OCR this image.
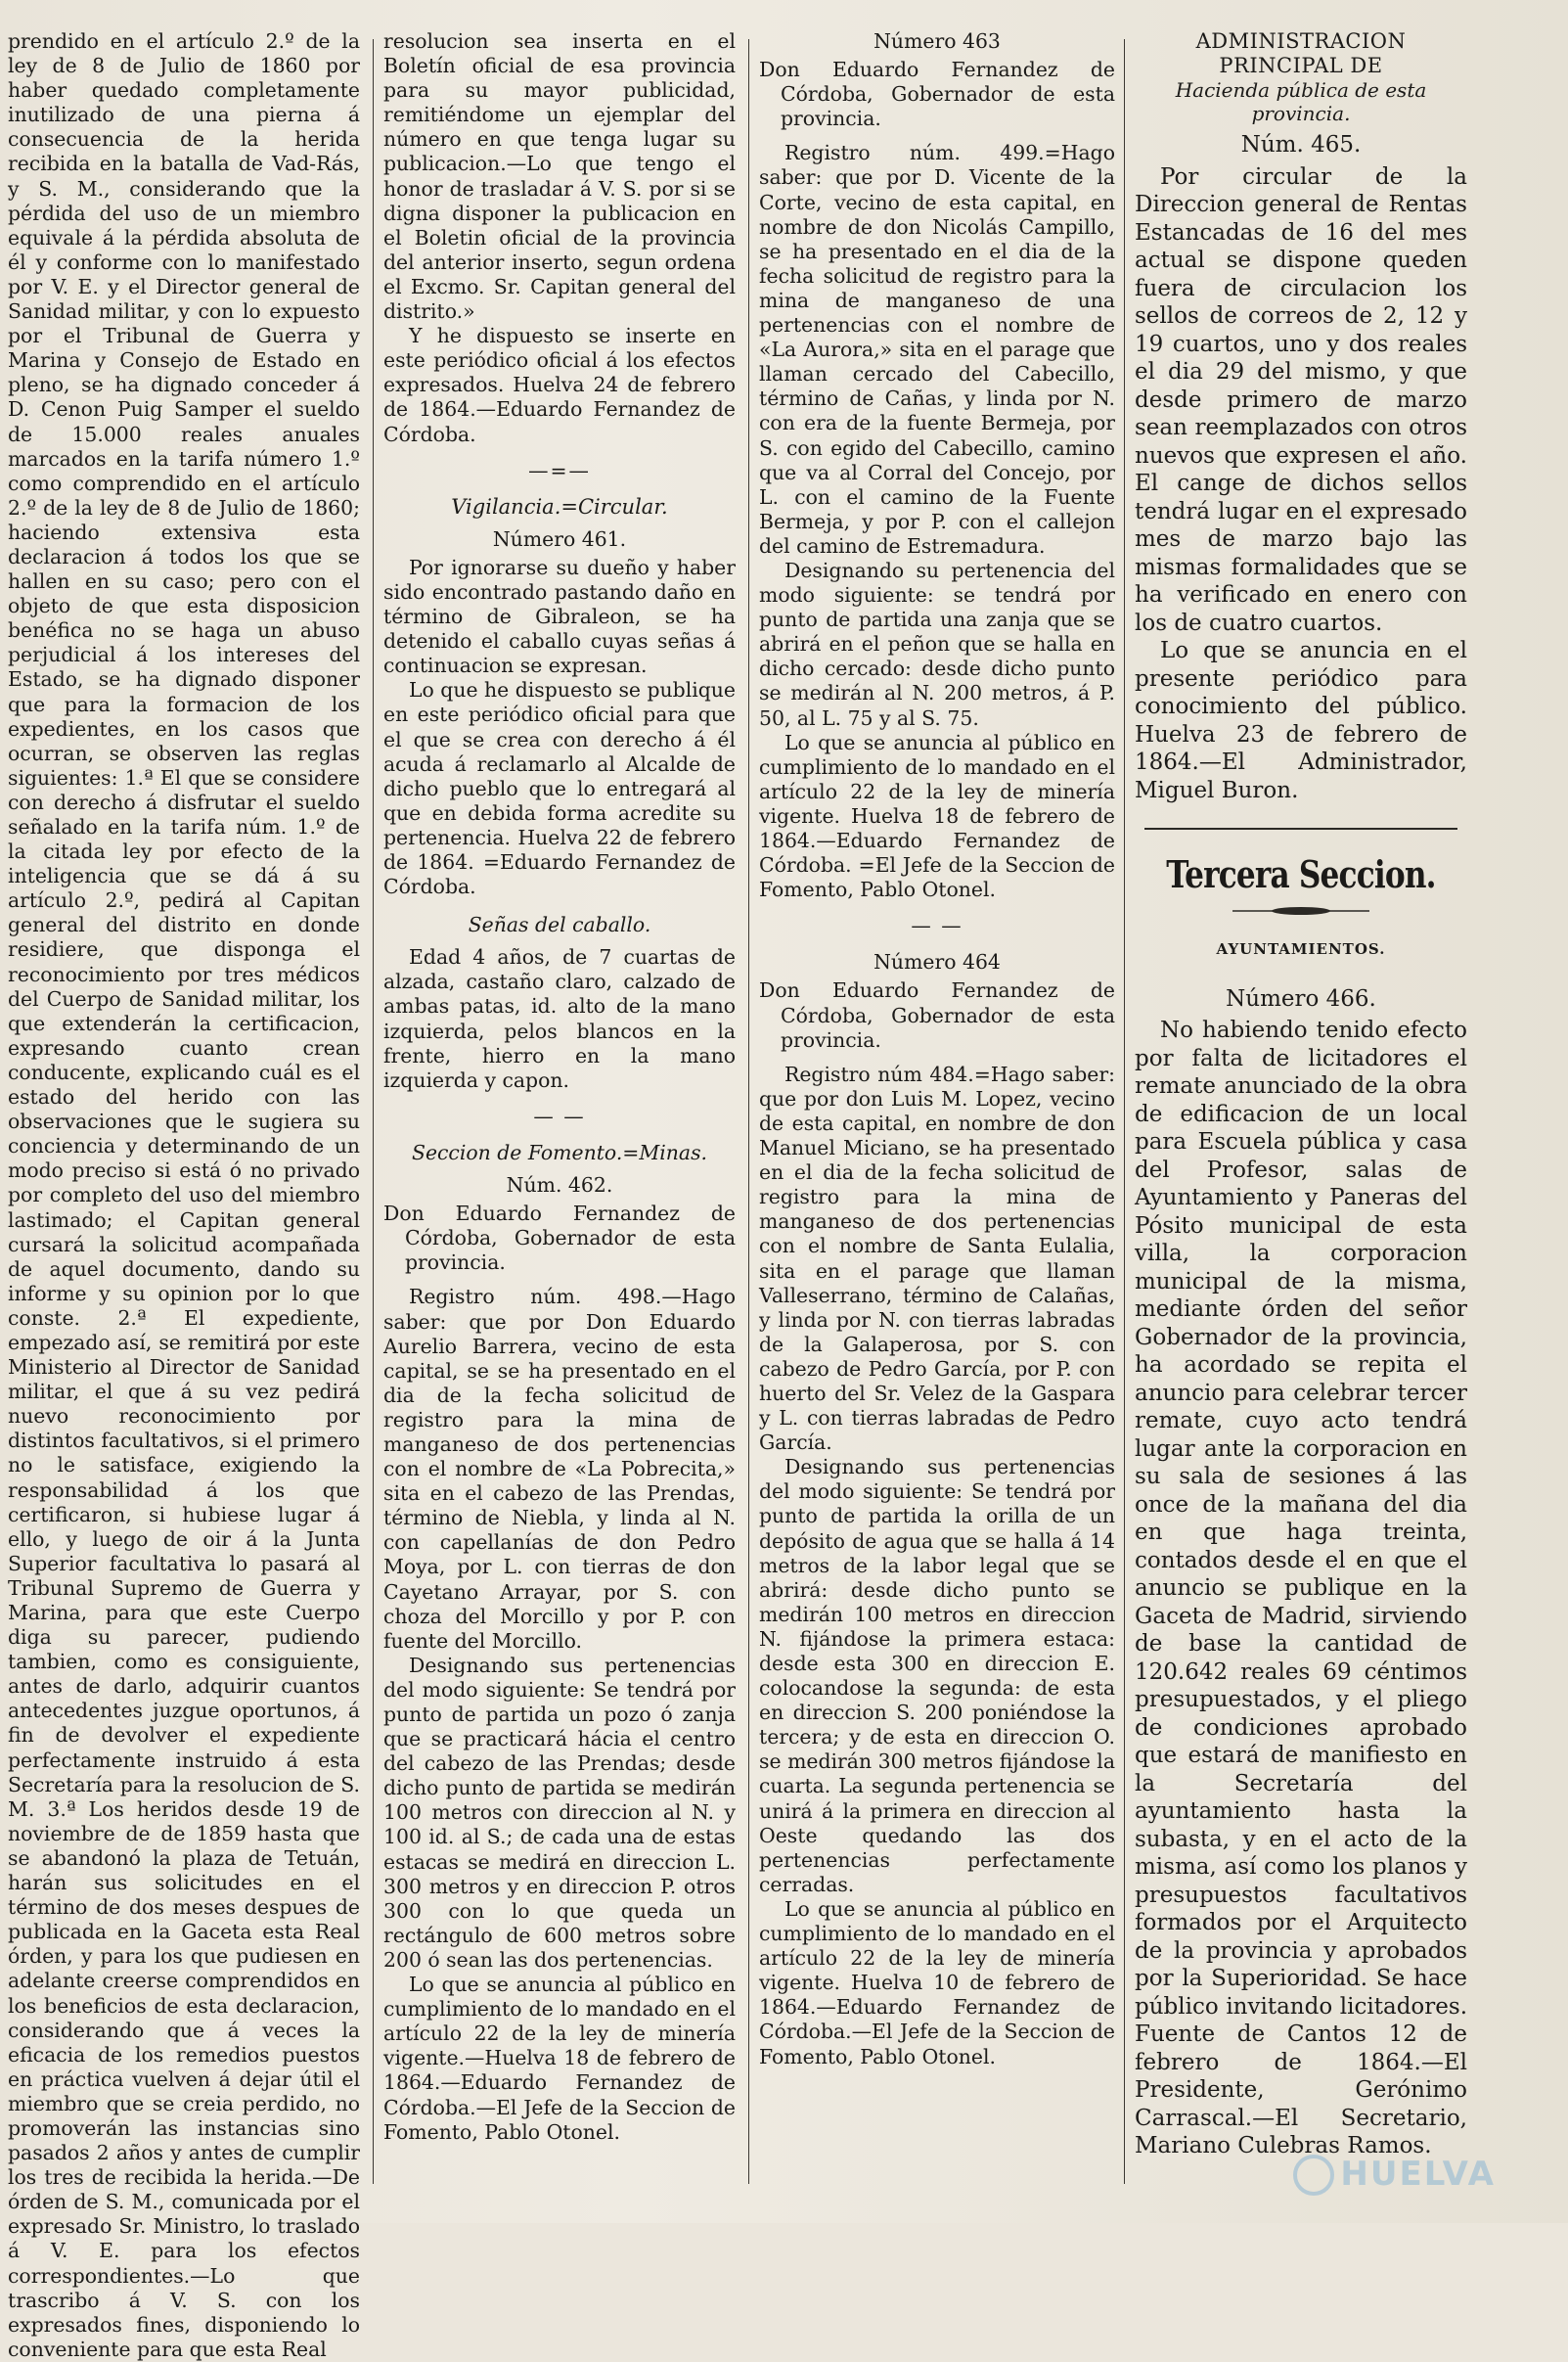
prendido en el artículo 2.º de la ley de 8 de Julio de 1860 por haber quedado completamente inutilizado de una pierna á consecuencia de la herida recibida en la batalla de Vad-Rás, y S. M., considerando que la pérdida del uso de un miembro equivale á la pérdida absoluta de él y conforme con lo manifestado por V. E. y el Director general de Sanidad militar, y con lo expuesto por el Tribunal de Guerra y Marina y Consejo de Estado en pleno, se ha dignado conceder á D. Cenon Puig Samper el sueldo de 15.000 reales anuales marcados en la tarifa número 1.º como comprendido en el artículo 2.º de la ley de 8 de Julio de 1860; haciendo extensiva esta declaracion á todos los que se hallen en su caso; pero con el objeto de que esta disposicion benéfica no se haga un abuso perjudicial á los intereses del Estado, se ha dignado disponer que para la formacion de los expedientes, en los casos que ocurran, se observen las reglas siguientes: 1.ª El que se considere con derecho á disfrutar el sueldo señalado en la tarifa núm. 1.º de la citada ley por efecto de la inteligencia que se dá á su artículo 2.º, pedirá al Capitan general del distrito en donde residiere, que disponga el reconocimiento por tres médicos del Cuerpo de Sanidad militar, los que extenderán la certificacion, expresando cuanto crean conducente, explicando cuál es el estado del herido con las observaciones que le sugiera su conciencia y determinando de un modo preciso si está ó no privado por completo del uso del miembro lastimado; el Capitan general cursará la solicitud acompañada de aquel documento, dando su informe y su opinion por lo que conste. 2.ª El expediente, empezado así, se remitirá por este Ministerio al Director de Sanidad militar, el que á su vez pedirá nuevo reconocimiento por distintos facultativos, si el primero no le satisface, exigiendo la responsabilidad á los que certificaron, si hubiese lugar á ello, y luego de oir á la Junta Superior facultativa lo pasará al Tribunal Supremo de Guerra y Marina, para que este Cuerpo diga su parecer, pudiendo tambien, como es consiguiente, antes de darlo, adquirir cuantos antecedentes juzgue oportunos, á fin de devolver el expediente perfectamente instruido á esta Secretaría para la resolucion de S. M. 3.ª Los heridos desde 19 de noviembre de de 1859 hasta que se abandonó la plaza de Tetuán, harán sus solicitudes en el término de dos meses despues de publicada en la Gaceta esta Real órden, y para los que pudiesen en adelante creerse comprendidos en los beneficios de esta declaracion, considerando que á veces la eficacia de los remedios puestos en práctica vuelven á dejar útil el miembro que se creia perdido, no promoverán las instancias sino pasados 2 años y antes de cumplir los tres de recibida la herida.—De órden de S. M., comunicada por el expresado Sr. Ministro, lo traslado á V. E. para los efectos correspondientes.—Lo que trascribo á V. S. con los expresados fines, disponiendo lo conveniente para que esta Real

resolucion sea inserta en el Boletín oficial de esa provincia para su mayor publicidad, remitiéndome un ejemplar del número en que tenga lugar su publicacion.—Lo que tengo el honor de trasladar á V. S. por si se digna disponer la publicacion en el Boletin oficial de la provincia del anterior inserto, segun ordena el Excmo. Sr. Capitan general del distrito.»

Y he dispuesto se inserte en este periódico oficial á los efectos expresados. Huelva 24 de febrero de 1864.—Eduardo Fernandez de Córdoba.

—=—

Vigilancia.=Circular.

Número 461.

Por ignorarse su dueño y haber sido encontrado pastando daño en término de Gibraleon, se ha detenido el caballo cuyas señas á continuacion se expresan.

Lo que he dispuesto se publique en este periódico oficial para que el que se crea con derecho á él acuda á reclamarlo al Alcalde de dicho pueblo que lo entregará al que en debida forma acredite su pertenencia. Huelva 22 de febrero de 1864. =Eduardo Fernandez de Córdoba.

Señas del caballo.

Edad 4 años, de 7 cuartas de alzada, castaño claro, calzado de ambas patas, id. alto de la mano izquierda, pelos blancos en la frente, hierro en la mano izquierda y capon.

— —

Seccion de Fomento.=Minas.

Núm. 462.

Don Eduardo Fernandez de Córdoba, Gobernador de esta provincia.

Registro núm. 498.—Hago saber: que por Don Eduardo Aurelio Barrera, vecino de esta capital, se se ha presentado en el dia de la fecha solicitud de registro para la mina de manganeso de dos pertenencias con el nombre de «La Pobrecita,» sita en el cabezo de las Prendas, término de Niebla, y linda al N. con capellanías de don Pedro Moya, por L. con tierras de don Cayetano Arrayar, por S. con choza del Morcillo y por P. con fuente del Morcillo.

Designando sus pertenencias del modo siguiente: Se tendrá por punto de partida un pozo ó zanja que se practicará hácia el centro del cabezo de las Prendas; desde dicho punto de partida se medirán 100 metros con direccion al N. y 100 id. al S.; de cada una de estas estacas se medirá en direccion L. 300 metros y en direccion P. otros 300 con lo que queda un rectángulo de 600 metros sobre 200 ó sean las dos pertenencias.

Lo que se anuncia al público en cumplimiento de lo mandado en el artículo 22 de la ley de minería vigente.—Huelva 18 de febrero de 1864.—Eduardo Fernandez de Córdoba.—El Jefe de la Seccion de Fomento, Pablo Otonel.

Número 463

Don Eduardo Fernandez de Córdoba, Gobernador de esta provincia.

Registro núm. 499.=Hago saber: que por D. Vicente de la Corte, vecino de esta capital, en nombre de don Nicolás Campillo, se ha presentado en el dia de la fecha solicitud de registro para la mina de manganeso de una pertenencias con el nombre de «La Aurora,» sita en el parage que llaman cercado del Cabecillo, término de Cañas, y linda por N. con era de la fuente Bermeja, por S. con egido del Cabecillo, camino que va al Corral del Concejo, por L. con el camino de la Fuente Bermeja, y por P. con el callejon del camino de Estremadura.

Designando su pertenencia del modo siguiente: se tendrá por punto de partida una zanja que se abrirá en el peñon que se halla en dicho cercado: desde dicho punto se medirán al N. 200 metros, á P. 50, al L. 75 y al S. 75.

Lo que se anuncia al público en cumplimiento de lo mandado en el artículo 22 de la ley de minería vigente. Huelva 18 de febrero de 1864.—Eduardo Fernandez de Córdoba. =El Jefe de la Seccion de Fomento, Pablo Otonel.

— —

Número 464

Don Eduardo Fernandez de Córdoba, Gobernador de esta provincia.

Registro núm 484.=Hago saber: que por don Luis M. Lopez, vecino de esta capital, en nombre de don Manuel Miciano, se ha presentado en el dia de la fecha solicitud de registro para la mina de manganeso de dos pertenencias con el nombre de Santa Eulalia, sita en el parage que llaman Valleserrano, término de Calañas, y linda por N. con tierras labradas de la Galaperosa, por S. con cabezo de Pedro García, por P. con huerto del Sr. Velez de la Gaspara y L. con tierras labradas de Pedro García.

Designando sus pertenencias del modo siguiente: Se tendrá por punto de partida la orilla de un depósito de agua que se halla á 14 metros de la labor legal que se abrirá: desde dicho punto se medirán 100 metros en direccion N. fijándose la primera estaca: desde esta 300 en direccion E. colocandose la segunda: de esta en direccion S. 200 poniéndose la tercera; y de esta en direccion O. se medirán 300 metros fijándose la cuarta. La segunda pertenencia se unirá á la primera en direccion al Oeste quedando las dos pertenencias perfectamente cerradas.

Lo que se anuncia al público en cumplimiento de lo mandado en el artículo 22 de la ley de minería vigente. Huelva 10 de febrero de 1864.—Eduardo Fernandez de Córdoba.—El Jefe de la Seccion de Fomento, Pablo Otonel.

ADMINISTRACION PRINCIPAL DE

Hacienda pública de esta provincia.

Núm. 465.

Por circular de la Direccion general de Rentas Estancadas de 16 del mes actual se dispone queden fuera de circulacion los sellos de correos de 2, 12 y 19 cuartos, uno y dos reales el dia 29 del mismo, y que desde primero de marzo sean reemplazados con otros nuevos que expresen el año. El cange de dichos sellos tendrá lugar en el expresado mes de marzo bajo las mismas formalidades que se ha verificado en enero con los de cuatro cuartos.

Lo que se anuncia en el presente periódico para conocimiento del público. Huelva 23 de febrero de 1864.—El Administrador, Miguel Buron.

Tercera Seccion.

AYUNTAMIENTOS.

Número 466.

No habiendo tenido efecto por falta de licitadores el remate anunciado de la obra de edificacion de un local para Escuela pública y casa del Profesor, salas de Ayuntamiento y Paneras del Pósito municipal de esta villa, la corporacion municipal de la misma, mediante órden del señor Gobernador de la provincia, ha acordado se repita el anuncio para celebrar tercer remate, cuyo acto tendrá lugar ante la corporacion en su sala de sesiones á las once de la mañana del dia en que haga treinta, contados desde el en que el anuncio se publique en la Gaceta de Madrid, sirviendo de base la cantidad de 120.642 reales 69 céntimos presupuestados, y el pliego de condiciones aprobado que estará de manifiesto en la Secretaría del ayuntamiento hasta la subasta, y en el acto de la misma, así como los planos y presupuestos facultativos formados por el Arquitecto de la provincia y aprobados por la Superioridad. Se hace público invitando licitadores. Fuente de Cantos 12 de febrero de 1864.—El Presidente, Gerónimo Carrascal.—El Secretario, Mariano Culebras Ramos.

HUELVA
